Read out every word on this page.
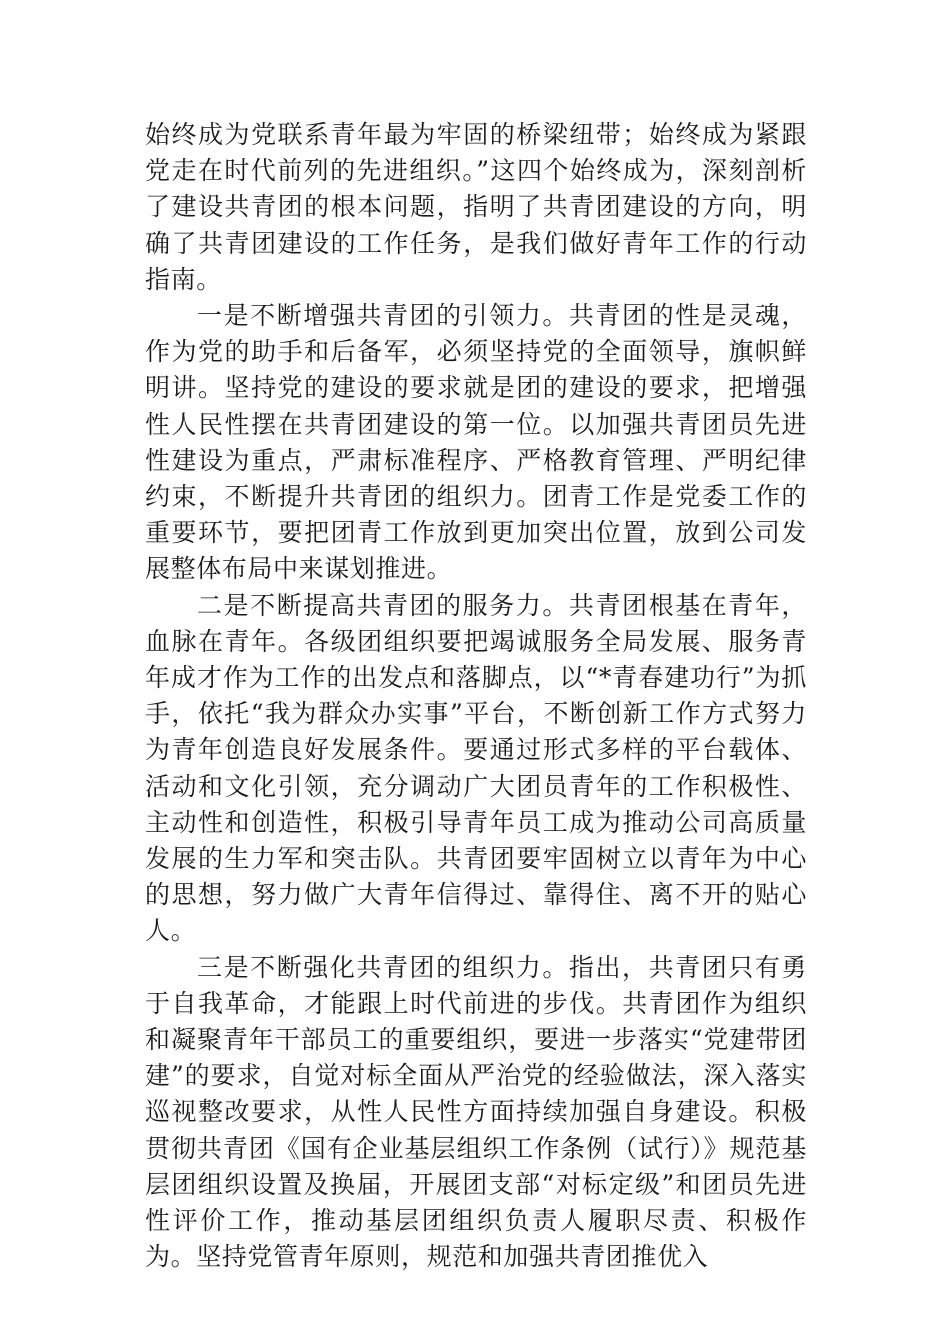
始终成为党联系青年最为牢固的桥梁纽带；始终成为紧跟党走在时代前列的先进组织。”这四个始终成为，深刻剖析了建设共青团的根本问题，指明了共青团建设的方向，明确了共青团建设的工作任务，是我们做好青年工作的行动指南。

一是不断增强共青团的引领力。共青团的性是灵魂，作为党的助手和后备军，必须坚持党的全面领导，旗帜鲜明讲。坚持党的建设的要求就是团的建设的要求，把增强性人民性摆在共青团建设的第一位。以加强共青团员先进性建设为重点，严肃标准程序、严格教育管理、严明纪律约束，不断提升共青团的组织力。团青工作是党委工作的重要环节，要把团青工作放到更加突出位置，放到公司发展整体布局中来谋划推进。

二是不断提高共青团的服务力。共青团根基在青年，血脉在青年。各级团组织要把竭诚服务全局发展、服务青年成才作为工作的出发点和落脚点，以“*青春建功行”为抓手，依托“我为群众办实事”平台，不断创新工作方式努力为青年创造良好发展条件。要通过形式多样的平台载体、活动和文化引领，充分调动广大团员青年的工作积极性、主动性和创造性，积极引导青年员工成为推动公司高质量发展的生力军和突击队。共青团要牢固树立以青年为中心的思想，努力做广大青年信得过、靠得住、离不开的贴心人。

三是不断强化共青团的组织力。指出，共青团只有勇于自我革命，才能跟上时代前进的步伐。共青团作为组织和凝聚青年干部员工的重要组织，要进一步落实“党建带团建”的要求，自觉对标全面从严治党的经验做法，深入落实巡视整改要求，从性人民性方面持续加强自身建设。积极贯彻共青团《国有企业基层组织工作条例（试行）》规范基层团组织设置及换届，开展团支部“对标定级”和团员先进性评价工作，推动基层团组织负责人履职尽责、积极作为。坚持党管青年原则，规范和加强共青团推优入
